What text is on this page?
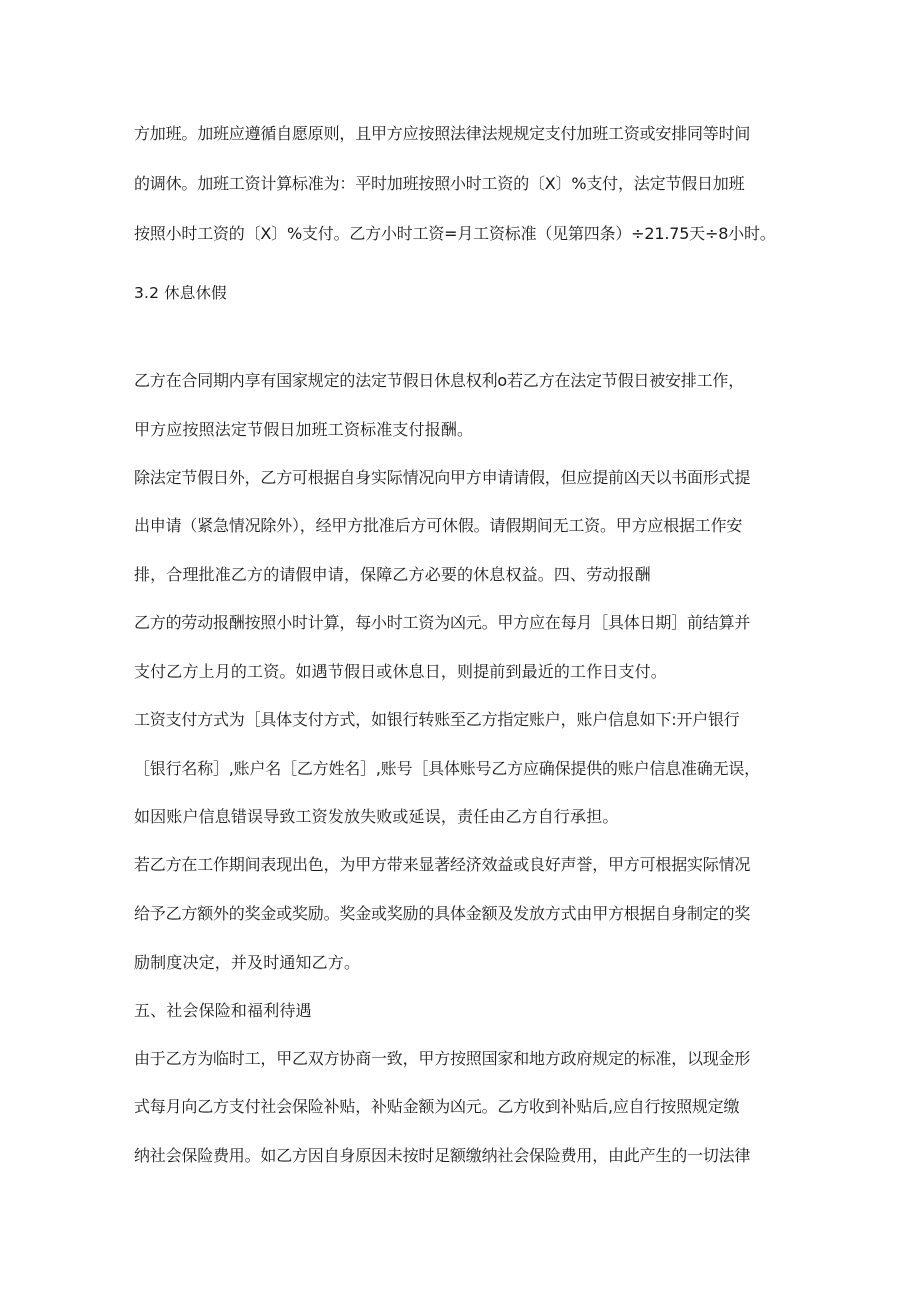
方加班。加班应遵循自愿原则，且甲方应按照法律法规规定支付加班工资或安排同等时间
的调休。加班工资计算标准为：平时加班按照小时工资的〔X〕%支付，法定节假日加班
按照小时工资的〔X〕%支付。乙方小时工资=月工资标准（见第四条）÷21.75天÷8小时。
3.2 休息休假
乙方在合同期内享有国家规定的法定节假日休息权利o若乙方在法定节假日被安排工作，
甲方应按照法定节假日加班工资标准支付报酬。
除法定节假日外，乙方可根据自身实际情况向甲方申请请假，但应提前凶天以书面形式提
出申请（紧急情况除外），经甲方批准后方可休假。请假期间无工资。甲方应根据工作安
排，合理批准乙方的请假申请，保障乙方必要的休息权益。四、劳动报酬
乙方的劳动报酬按照小时计算，每小时工资为凶元。甲方应在每月［具体日期］前结算并
支付乙方上月的工资。如遇节假日或休息日，则提前到最近的工作日支付。
工资支付方式为［具体支付方式，如银行转账至乙方指定账户，账户信息如下:开户银行
［银行名称］,账户名［乙方姓名］,账号［具体账号乙方应确保提供的账户信息准确无误，
如因账户信息错误导致工资发放失败或延误，责任由乙方自行承担。
若乙方在工作期间表现出色，为甲方带来显著经济效益或良好声誉，甲方可根据实际情况
给予乙方额外的奖金或奖励。奖金或奖励的具体金额及发放方式由甲方根据自身制定的奖
励制度决定，并及时通知乙方。
五、社会保险和福利待遇
由于乙方为临时工，甲乙双方协商一致，甲方按照国家和地方政府规定的标准，以现金形
式每月向乙方支付社会保险补贴，补贴金额为凶元。乙方收到补贴后,应自行按照规定缴
纳社会保险费用。如乙方因自身原因未按时足额缴纳社会保险费用，由此产生的一切法律
